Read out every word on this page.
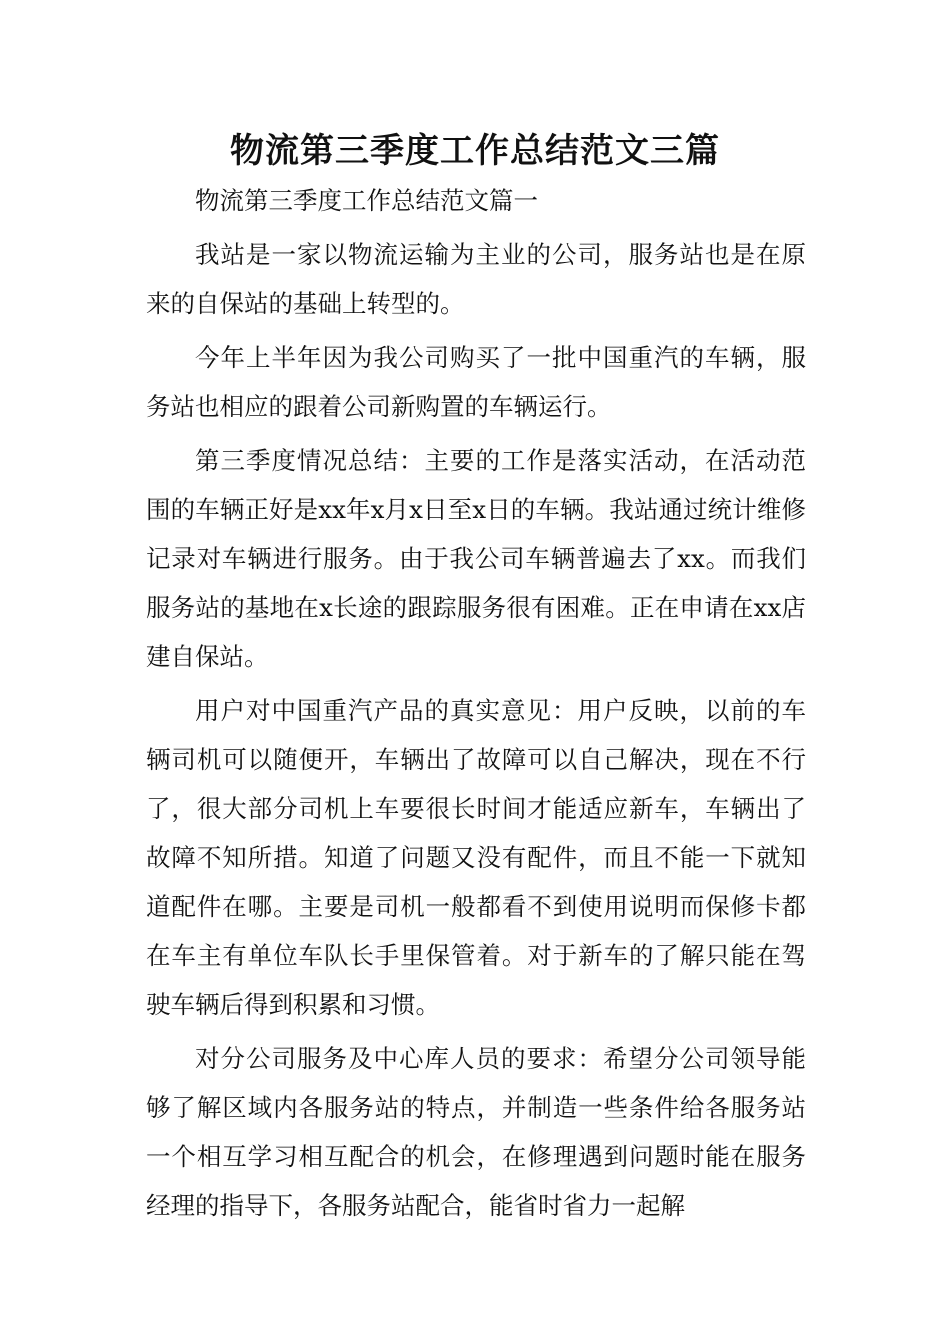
物流第三季度工作总结范文三篇

物流第三季度工作总结范文篇一

我站是一家以物流运输为主业的公司，服务站也是在原来的自保站的基础上转型的。

今年上半年因为我公司购买了一批中国重汽的车辆，服务站也相应的跟着公司新购置的车辆运行。

第三季度情况总结：主要的工作是落实活动，在活动范围的车辆正好是xx年x月x日至x日的车辆。我站通过统计维修记录对车辆进行服务。由于我公司车辆普遍去了xx。而我们服务站的基地在x长途的跟踪服务很有困难。正在申请在xx店建自保站。

用户对中国重汽产品的真实意见：用户反映，以前的车辆司机可以随便开，车辆出了故障可以自己解决，现在不行了，很大部分司机上车要很长时间才能适应新车，车辆出了故障不知所措。知道了问题又没有配件，而且不能一下就知道配件在哪。主要是司机一般都看不到使用说明而保修卡都在车主有单位车队长手里保管着。对于新车的了解只能在驾驶车辆后得到积累和习惯。

对分公司服务及中心库人员的要求：希望分公司领导能够了解区域内各服务站的特点，并制造一些条件给各服务站一个相互学习相互配合的机会，在修理遇到问题时能在服务经理的指导下，各服务站配合，能省时省力一起解
